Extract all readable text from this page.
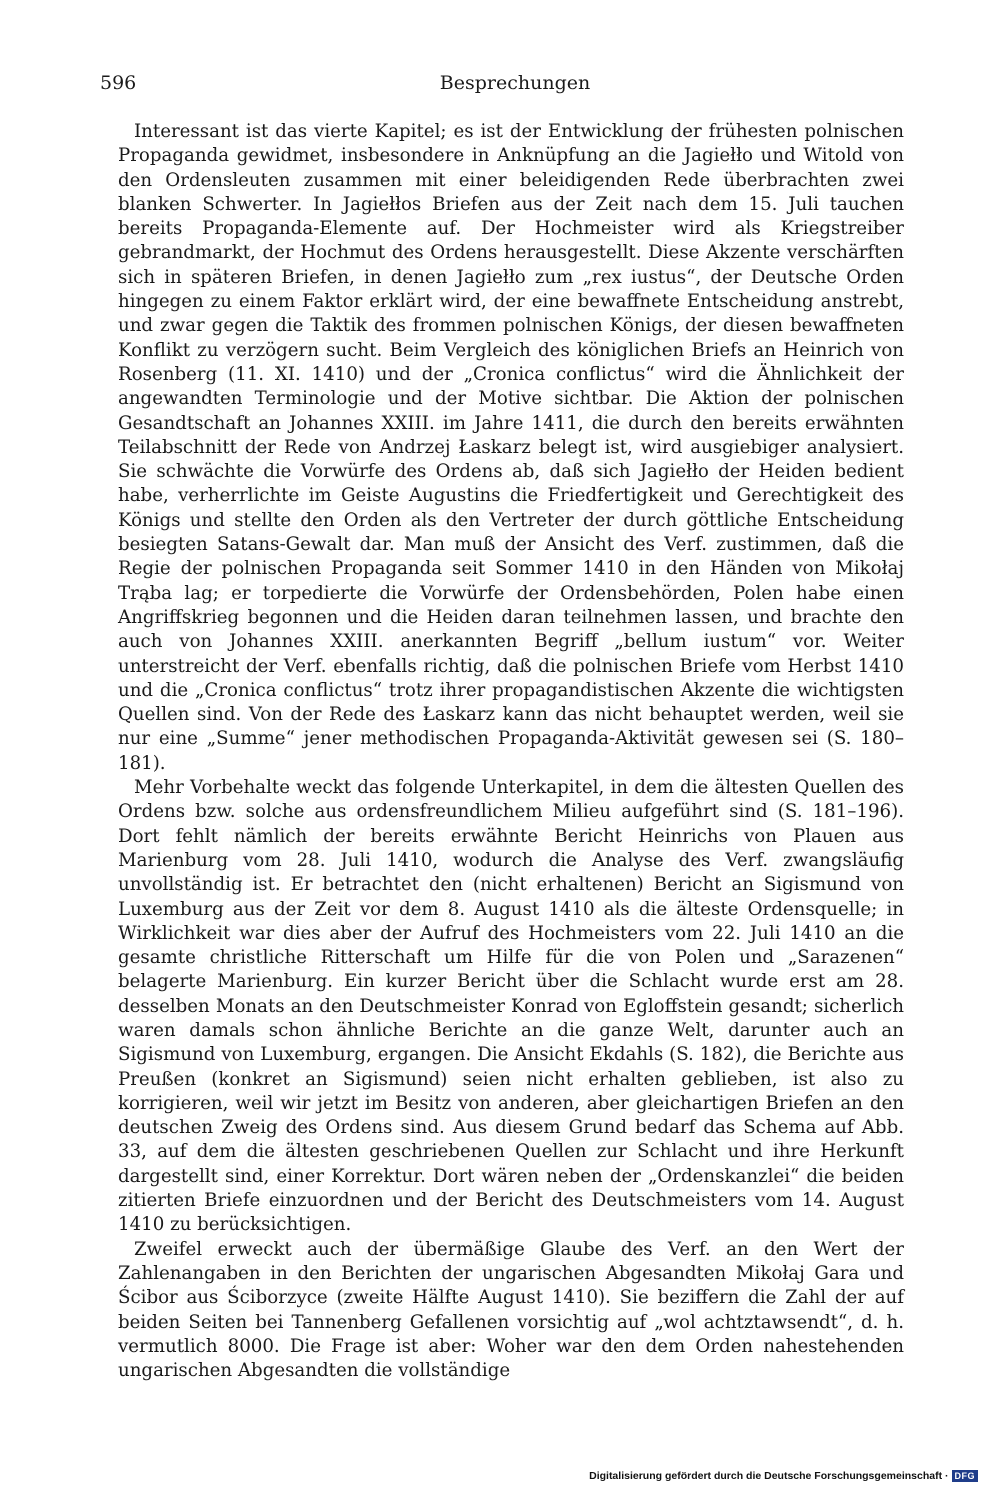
596	Besprechungen

Interessant ist das vierte Kapitel; es ist der Entwicklung der frühesten polnischen Propaganda gewidmet, insbesondere in Anknüpfung an die Jagiełło und Witold von den Ordensleuten zusammen mit einer beleidigenden Rede überbrachten zwei blanken Schwerter. In Jagiełłos Briefen aus der Zeit nach dem 15. Juli tauchen bereits Propaganda-Elemente auf. Der Hochmeister wird als Kriegstreiber gebrandmarkt, der Hochmut des Ordens herausgestellt. Diese Akzente verschärften sich in späteren Briefen, in denen Jagiełło zum „rex iustus“, der Deutsche Orden hingegen zu einem Faktor erklärt wird, der eine bewaffnete Entscheidung anstrebt, und zwar gegen die Taktik des frommen polnischen Königs, der diesen bewaffneten Konflikt zu verzögern sucht. Beim Vergleich des königlichen Briefs an Heinrich von Rosenberg (11. XI. 1410) und der „Cronica conflictus“ wird die Ähnlichkeit der angewandten Terminologie und der Motive sichtbar. Die Aktion der polnischen Gesandtschaft an Johannes XXIII. im Jahre 1411, die durch den bereits erwähnten Teilabschnitt der Rede von Andrzej Łaskarz belegt ist, wird ausgiebiger analysiert. Sie schwächte die Vorwürfe des Ordens ab, daß sich Jagiełło der Heiden bedient habe, verherrlichte im Geiste Augustins die Friedfertigkeit und Gerechtigkeit des Königs und stellte den Orden als den Vertreter der durch göttliche Entscheidung besiegten Satans-Gewalt dar. Man muß der Ansicht des Verf. zustimmen, daß die Regie der polnischen Propaganda seit Sommer 1410 in den Händen von Mikołaj Trąba lag; er torpedierte die Vorwürfe der Ordensbehörden, Polen habe einen Angriffskrieg begonnen und die Heiden daran teilnehmen lassen, und brachte den auch von Johannes XXIII. anerkannten Begriff „bellum iustum“ vor. Weiter unterstreicht der Verf. ebenfalls richtig, daß die polnischen Briefe vom Herbst 1410 und die „Cronica conflictus“ trotz ihrer propagandistischen Akzente die wichtigsten Quellen sind. Von der Rede des Łaskarz kann das nicht behauptet werden, weil sie nur eine „Summe“ jener methodischen Propaganda-Aktivität gewesen sei (S. 180–181).

Mehr Vorbehalte weckt das folgende Unterkapitel, in dem die ältesten Quellen des Ordens bzw. solche aus ordensfreundlichem Milieu aufgeführt sind (S. 181–196). Dort fehlt nämlich der bereits erwähnte Bericht Heinrichs von Plauen aus Marienburg vom 28. Juli 1410, wodurch die Analyse des Verf. zwangsläufig unvollständig ist. Er betrachtet den (nicht erhaltenen) Bericht an Sigismund von Luxemburg aus der Zeit vor dem 8. August 1410 als die älteste Ordensquelle; in Wirklichkeit war dies aber der Aufruf des Hochmeisters vom 22. Juli 1410 an die gesamte christliche Ritterschaft um Hilfe für die von Polen und „Sarazenen“ belagerte Marienburg. Ein kurzer Bericht über die Schlacht wurde erst am 28. desselben Monats an den Deutschmeister Konrad von Egloffstein gesandt; sicherlich waren damals schon ähnliche Berichte an die ganze Welt, darunter auch an Sigismund von Luxemburg, ergangen. Die Ansicht Ekdahls (S. 182), die Berichte aus Preußen (konkret an Sigismund) seien nicht erhalten geblieben, ist also zu korrigieren, weil wir jetzt im Besitz von anderen, aber gleichartigen Briefen an den deutschen Zweig des Ordens sind. Aus diesem Grund bedarf das Schema auf Abb. 33, auf dem die ältesten geschriebenen Quellen zur Schlacht und ihre Herkunft dargestellt sind, einer Korrektur. Dort wären neben der „Ordenskanzlei“ die beiden zitierten Briefe einzuordnen und der Bericht des Deutschmeisters vom 14. August 1410 zu berücksichtigen.

Zweifel erweckt auch der übermäßige Glaube des Verf. an den Wert der Zahlenangaben in den Berichten der ungarischen Abgesandten Mikołaj Gara und Ścibor aus Ściborzyce (zweite Hälfte August 1410). Sie beziffern die Zahl der auf beiden Seiten bei Tannenberg Gefallenen vorsichtig auf „wol achtztawsendt“, d. h. vermutlich 8000. Die Frage ist aber: Woher war den dem Orden nahestehenden ungarischen Abgesandten die vollständige

Digitalisierung gefördert durch die Deutsche Forschungsgemeinschaft · DFG
